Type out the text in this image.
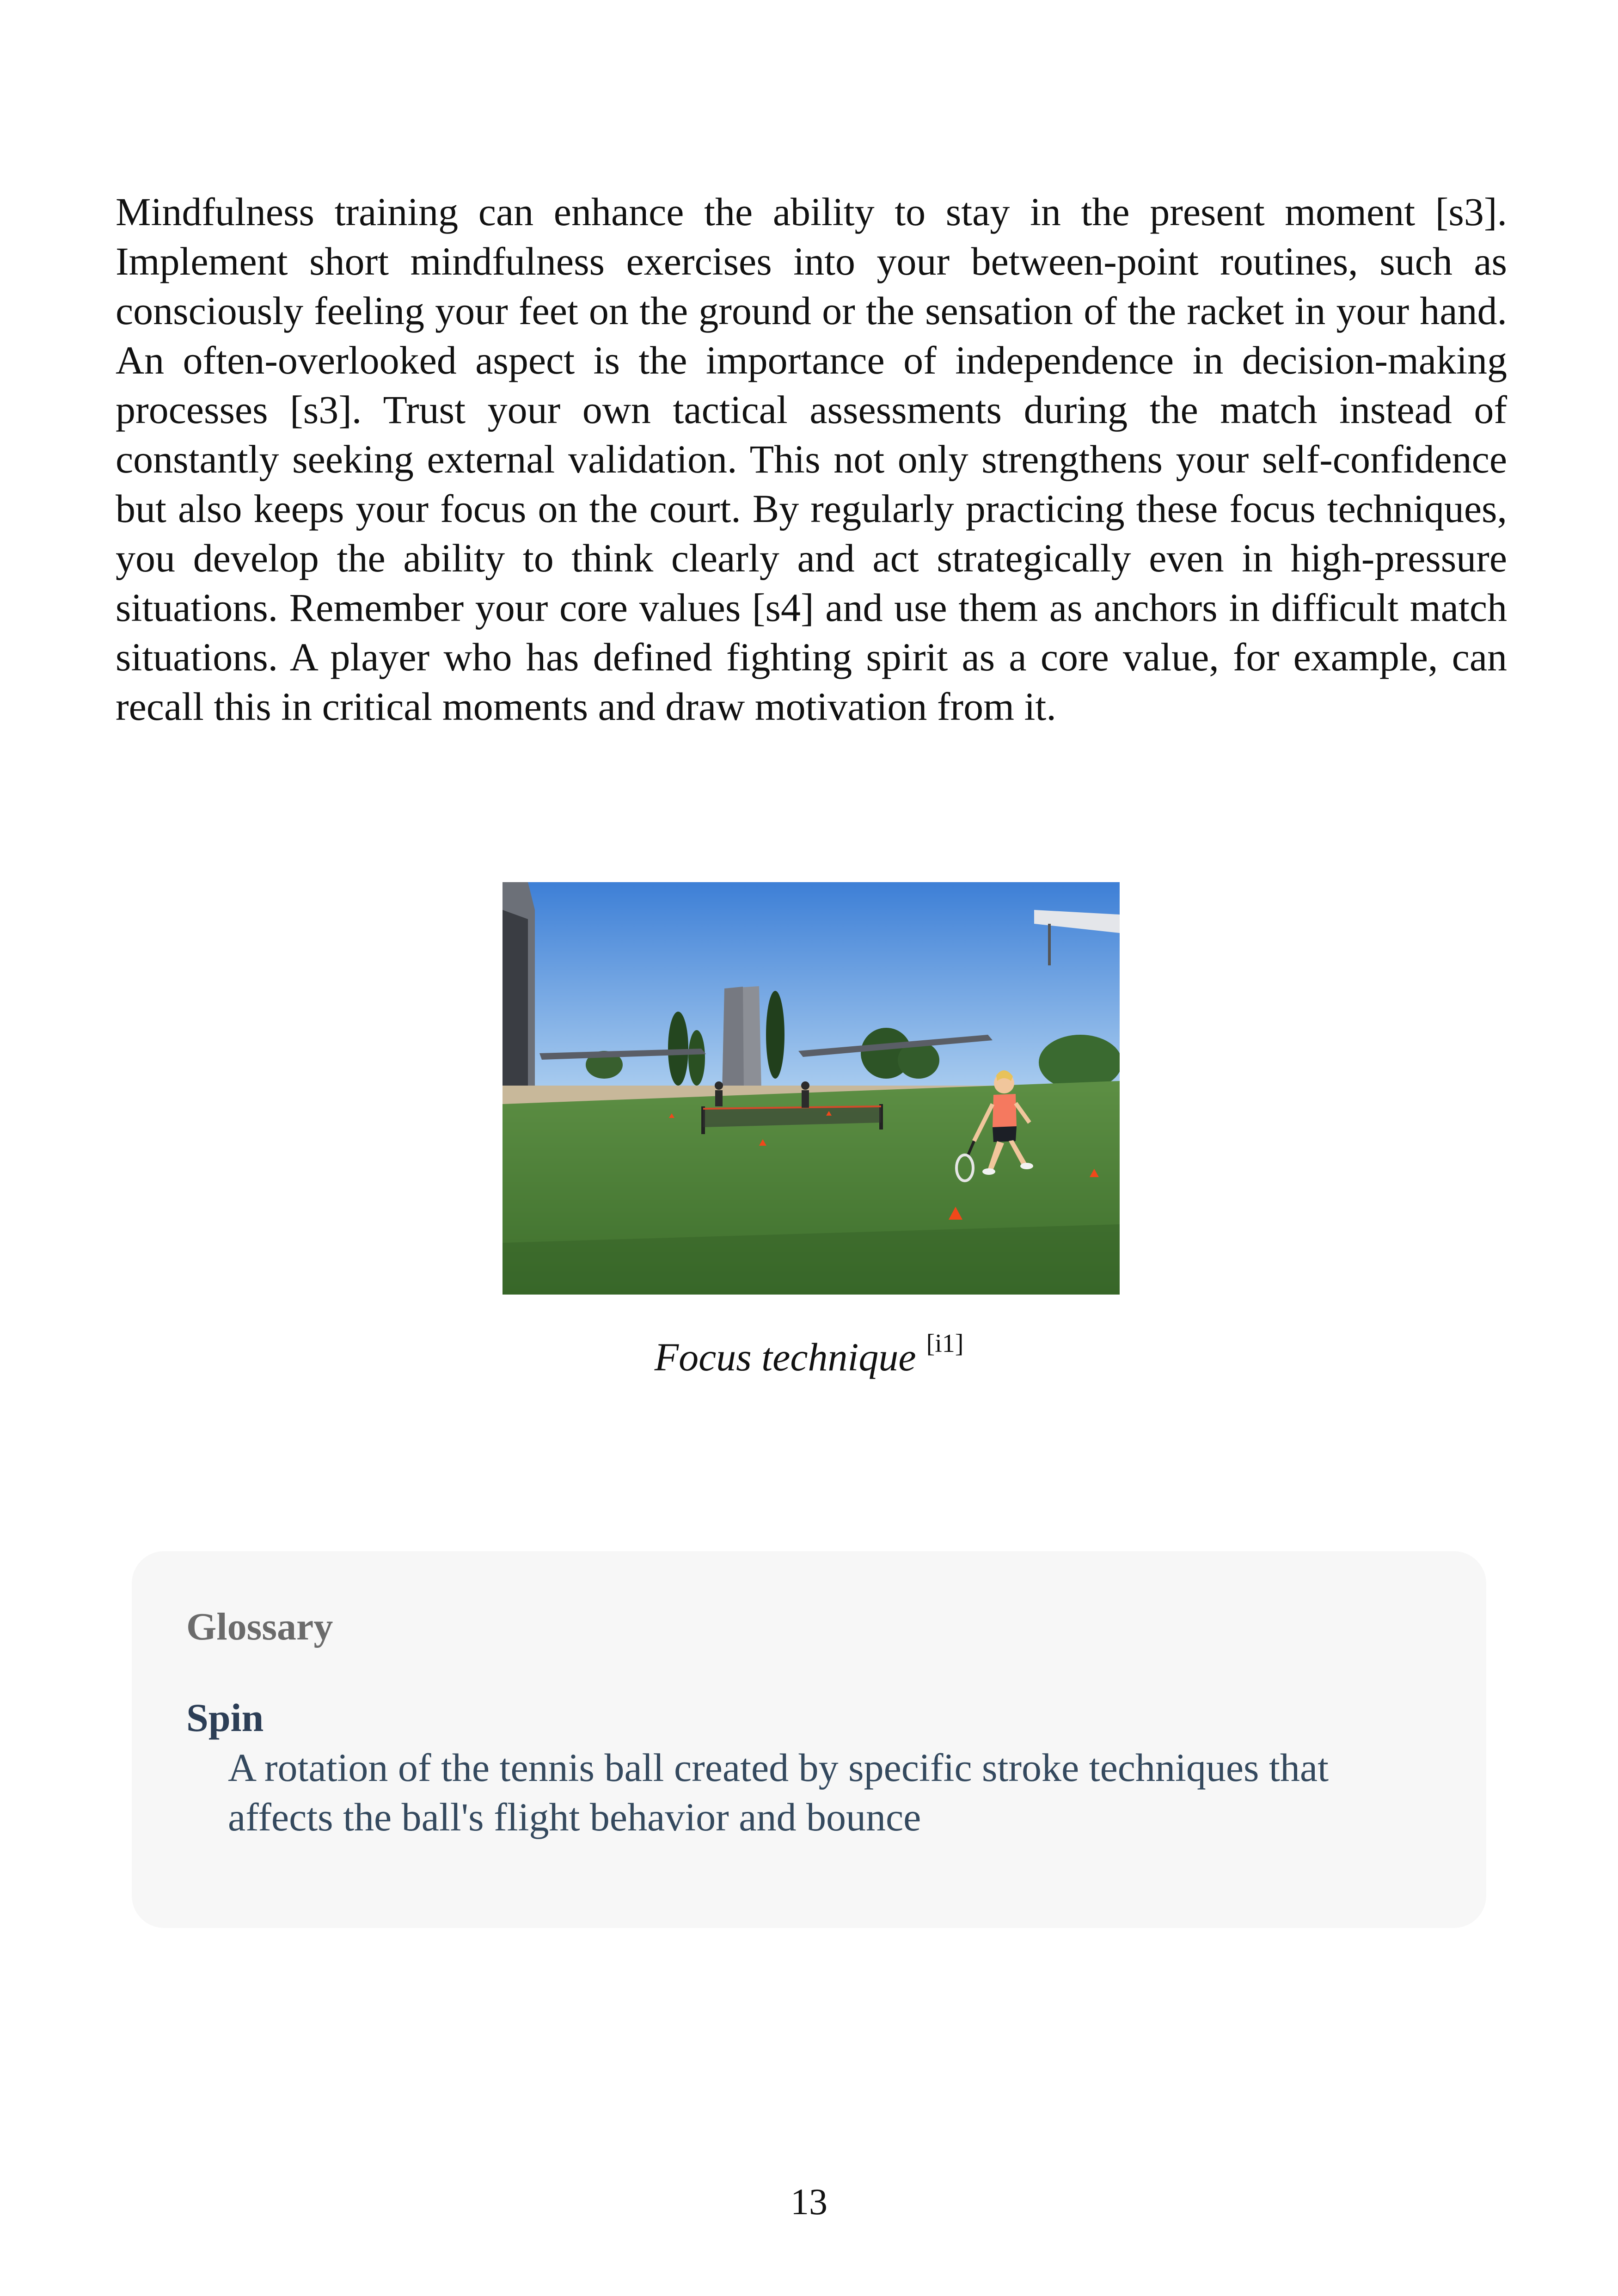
Mindfulness training can enhance the ability to stay in the present moment [s3]. Implement short mindfulness exercises into your between-point routines, such as consciously feeling your feet on the ground or the sensation of the racket in your hand. An often-overlooked aspect is the importance of independence in decision-making processes [s3]. Trust your own tactical assessments during the match instead of constantly seeking external validation. This not only strengthens your self-confidence but also keeps your focus on the court. By regularly practicing these focus techniques, you develop the ability to think clearly and act strategically even in high-pressure situations. Remember your core values [s4] and use them as anchors in difficult match situations. A player who has defined fighting spirit as a core value, for example, can recall this in critical moments and draw motivation from it.

Focus technique [i1]
Glossary
Spin

A rotation of the tennis ball created by specific stroke techniques that affects the ball's flight behavior and bounce

13
